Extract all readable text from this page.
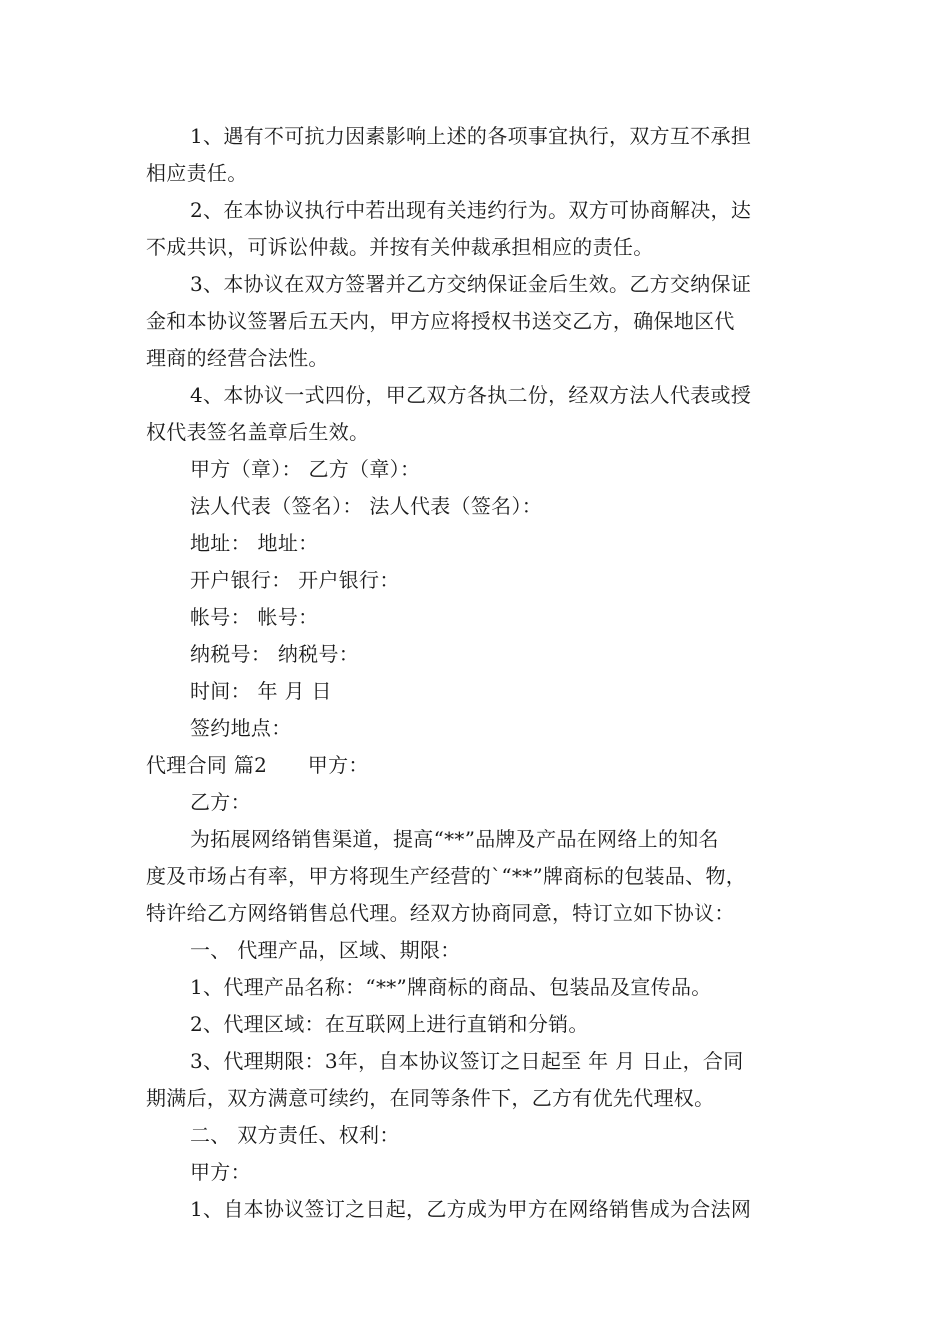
1、遇有不可抗力因素影响上述的各项事宜执行，双方互不承担
相应责任。
2、在本协议执行中若出现有关违约行为。双方可协商解决，达
不成共识，可诉讼仲裁。并按有关仲裁承担相应的责任。
3、本协议在双方签署并乙方交纳保证金后生效。乙方交纳保证
金和本协议签署后五天内，甲方应将授权书送交乙方，确保地区代
理商的经营合法性。
4、本协议一式四份，甲乙双方各执二份，经双方法人代表或授
权代表签名盖章后生效。
甲方（章）： 乙方（章）：
法人代表（签名）： 法人代表（签名）：
地址： 地址：
开户银行： 开户银行：
帐号： 帐号：
纳税号： 纳税号：
时间： 年 月 日
签约地点：
代理合同 篇2　　甲方：
乙方：
为拓展网络销售渠道，提高“**”品牌及产品在网络上的知名
度及市场占有率，甲方将现生产经营的`“**”牌商标的包装品、物，
特许给乙方网络销售总代理。经双方协商同意，特订立如下协议：
一、 代理产品，区域、期限：
1、代理产品名称：“**”牌商标的商品、包装品及宣传品。
2、代理区域：在互联网上进行直销和分销。
3、代理期限：3年，自本协议签订之日起至 年 月 日止，合同
期满后，双方满意可续约，在同等条件下，乙方有优先代理权。
二、 双方责任、权利：
甲方：
1、自本协议签订之日起，乙方成为甲方在网络销售成为合法网
